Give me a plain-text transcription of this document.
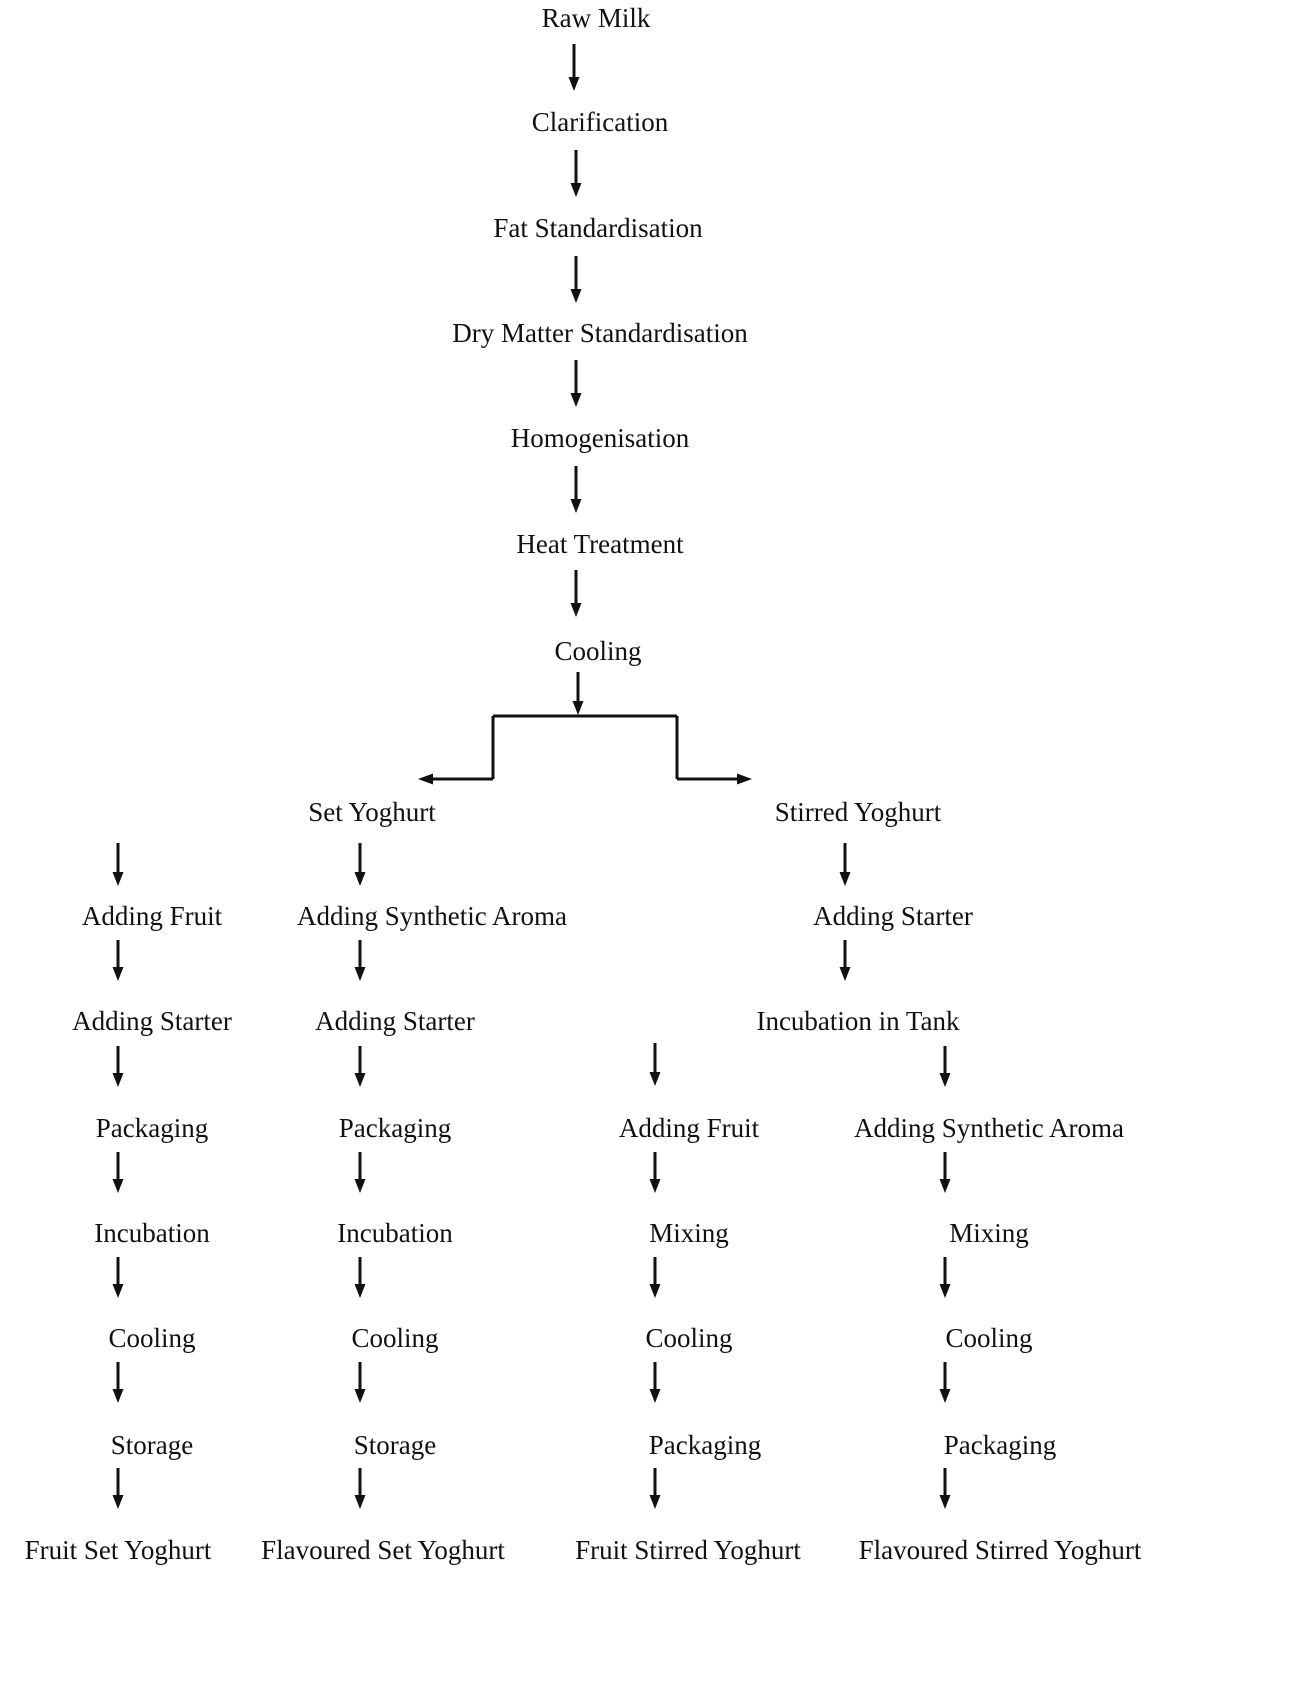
Raw Milk
Clarification
Fat Standardisation
Dry Matter Standardisation
Homogenisation
Heat Treatment
Cooling
Set Yoghurt	Stirred Yoghurt
Adding Fruit
Adding Starter
Packaging
Incubation
Cooling
Storage
Fruit Set Yoghurt
Adding Synthetic Aroma
Adding Starter
Packaging
Incubation
Cooling
Storage
Flavoured Set Yoghurt
Adding Fruit
Mixing
Cooling
Packaging
Fruit Stirred Yoghurt
Adding Starter
Incubation in Tank
Adding Synthetic Aroma
Mixing
Cooling
Packaging
Flavoured Stirred Yoghurt
